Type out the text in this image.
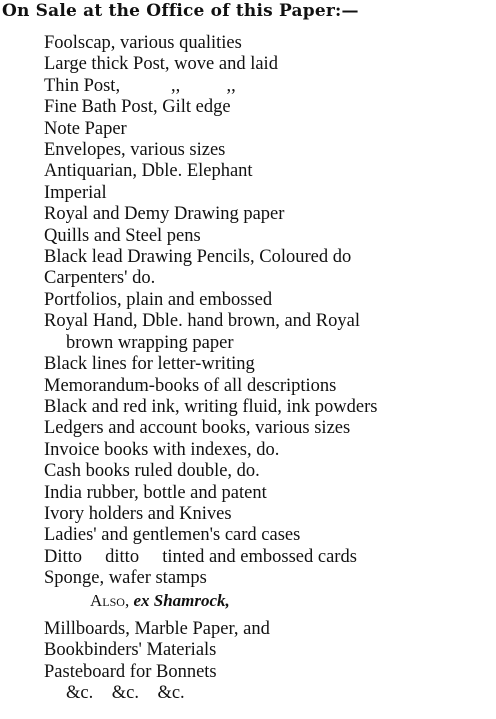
On Sale at the Office of this Paper:—
Foolscap, various qualities
Large thick Post, wove and laid
Thin Post,           ,,          ,,
Fine Bath Post, Gilt edge
Note Paper
Envelopes, various sizes
Antiquarian, Dble. Elephant
Imperial
Royal and Demy Drawing paper
Quills and Steel pens
Black lead Drawing Pencils, Coloured do
Carpenters' do.
Portfolios, plain and embossed
Royal Hand, Dble. hand brown, and Royal
brown wrapping paper
Black lines for letter-writing
Memorandum-books of all descriptions
Black and red ink, writing fluid, ink powders
Ledgers and account books, various sizes
Invoice books with indexes, do.
Cash books ruled double, do.
India rubber, bottle and patent
Ivory holders and Knives
Ladies' and gentlemen's card cases
Ditto     ditto     tinted and embossed cards
Sponge, wafer stamps
Also, ex Shamrock,
Millboards, Marble Paper, and
Bookbinders' Materials
Pasteboard for Bonnets
&c.    &c.    &c.
